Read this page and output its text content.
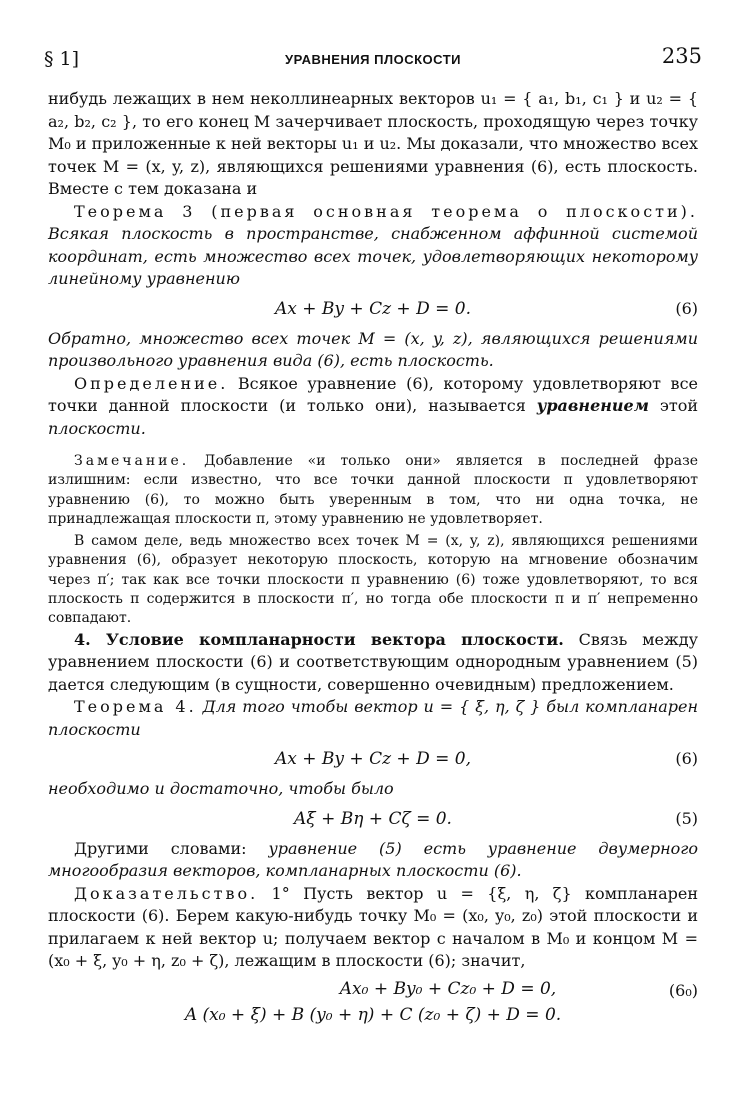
§ 1]	УРАВНЕНИЯ ПЛОСКОСТИ	235

нибудь лежащих в нем неколлинеарных векторов u₁ = { a₁, b₁, c₁ } и u₂ = { a₂, b₂, c₂ }, то его конец M зачерчивает плоскость, проходящую через точку M₀ и приложенные к ней векторы u₁ и u₂. Мы доказали, что множество всех точек M = (x, y, z), являющихся решениями уравнения (6), есть плоскость. Вместе с тем доказана и

Теорема 3 (первая основная теорема о плоскости). Всякая плоскость в пространстве, снабженном аффинной системой координат, есть множество всех точек, удовлетворяющих некоторому линейному уравнению

Ax + By + Cz + D = 0.	(6)

Обратно, множество всех точек M = (x, y, z), являющихся решениями произвольного уравнения вида (6), есть плоскость.

Определение. Всякое уравнение (6), которому удовлетворяют все точки данной плоскости (и только они), называется уравнением этой плоскости.

Замечание. Добавление «и только они» является в последней фразе излишним: если известно, что все точки данной плоскости π удовлетворяют уравнению (6), то можно быть уверенным в том, что ни одна точка, не принадлежащая плоскости π, этому уравнению не удовлетворяет.

В самом деле, ведь множество всех точек M = (x, y, z), являющихся решениями уравнения (6), образует некоторую плоскость, которую на мгновение обозначим через π′; так как все точки плоскости π уравнению (6) тоже удовлетворяют, то вся плоскость π содержится в плоскости π′, но тогда обе плоскости π и π′ непременно совпадают.

4. Условие компланарности вектора плоскости. Связь между уравнением плоскости (6) и соответствующим однородным уравнением (5) дается следующим (в сущности, совершенно очевидным) предложением.

Теорема 4. Для того чтобы вектор u = { ξ, η, ζ } был компланарен плоскости

Ax + By + Cz + D = 0,	(6)

необходимо и достаточно, чтобы было

Aξ + Bη + Cζ = 0.	(5)

Другими словами: уравнение (5) есть уравнение двумерного многообразия векторов, компланарных плоскости (6).

Доказательство. 1° Пусть вектор u = {ξ, η, ζ} компланарен плоскости (6). Берем какую-нибудь точку M₀ = (x₀, y₀, z₀) этой плоскости и прилагаем к ней вектор u; получаем вектор с началом в M₀ и концом M = (x₀ + ξ, y₀ + η, z₀ + ζ), лежащим в плоскости (6); значит,

Ax₀ + By₀ + Cz₀ + D = 0,	(6₀)
A (x₀ + ξ) + B (y₀ + η) + C (z₀ + ζ) + D = 0.
